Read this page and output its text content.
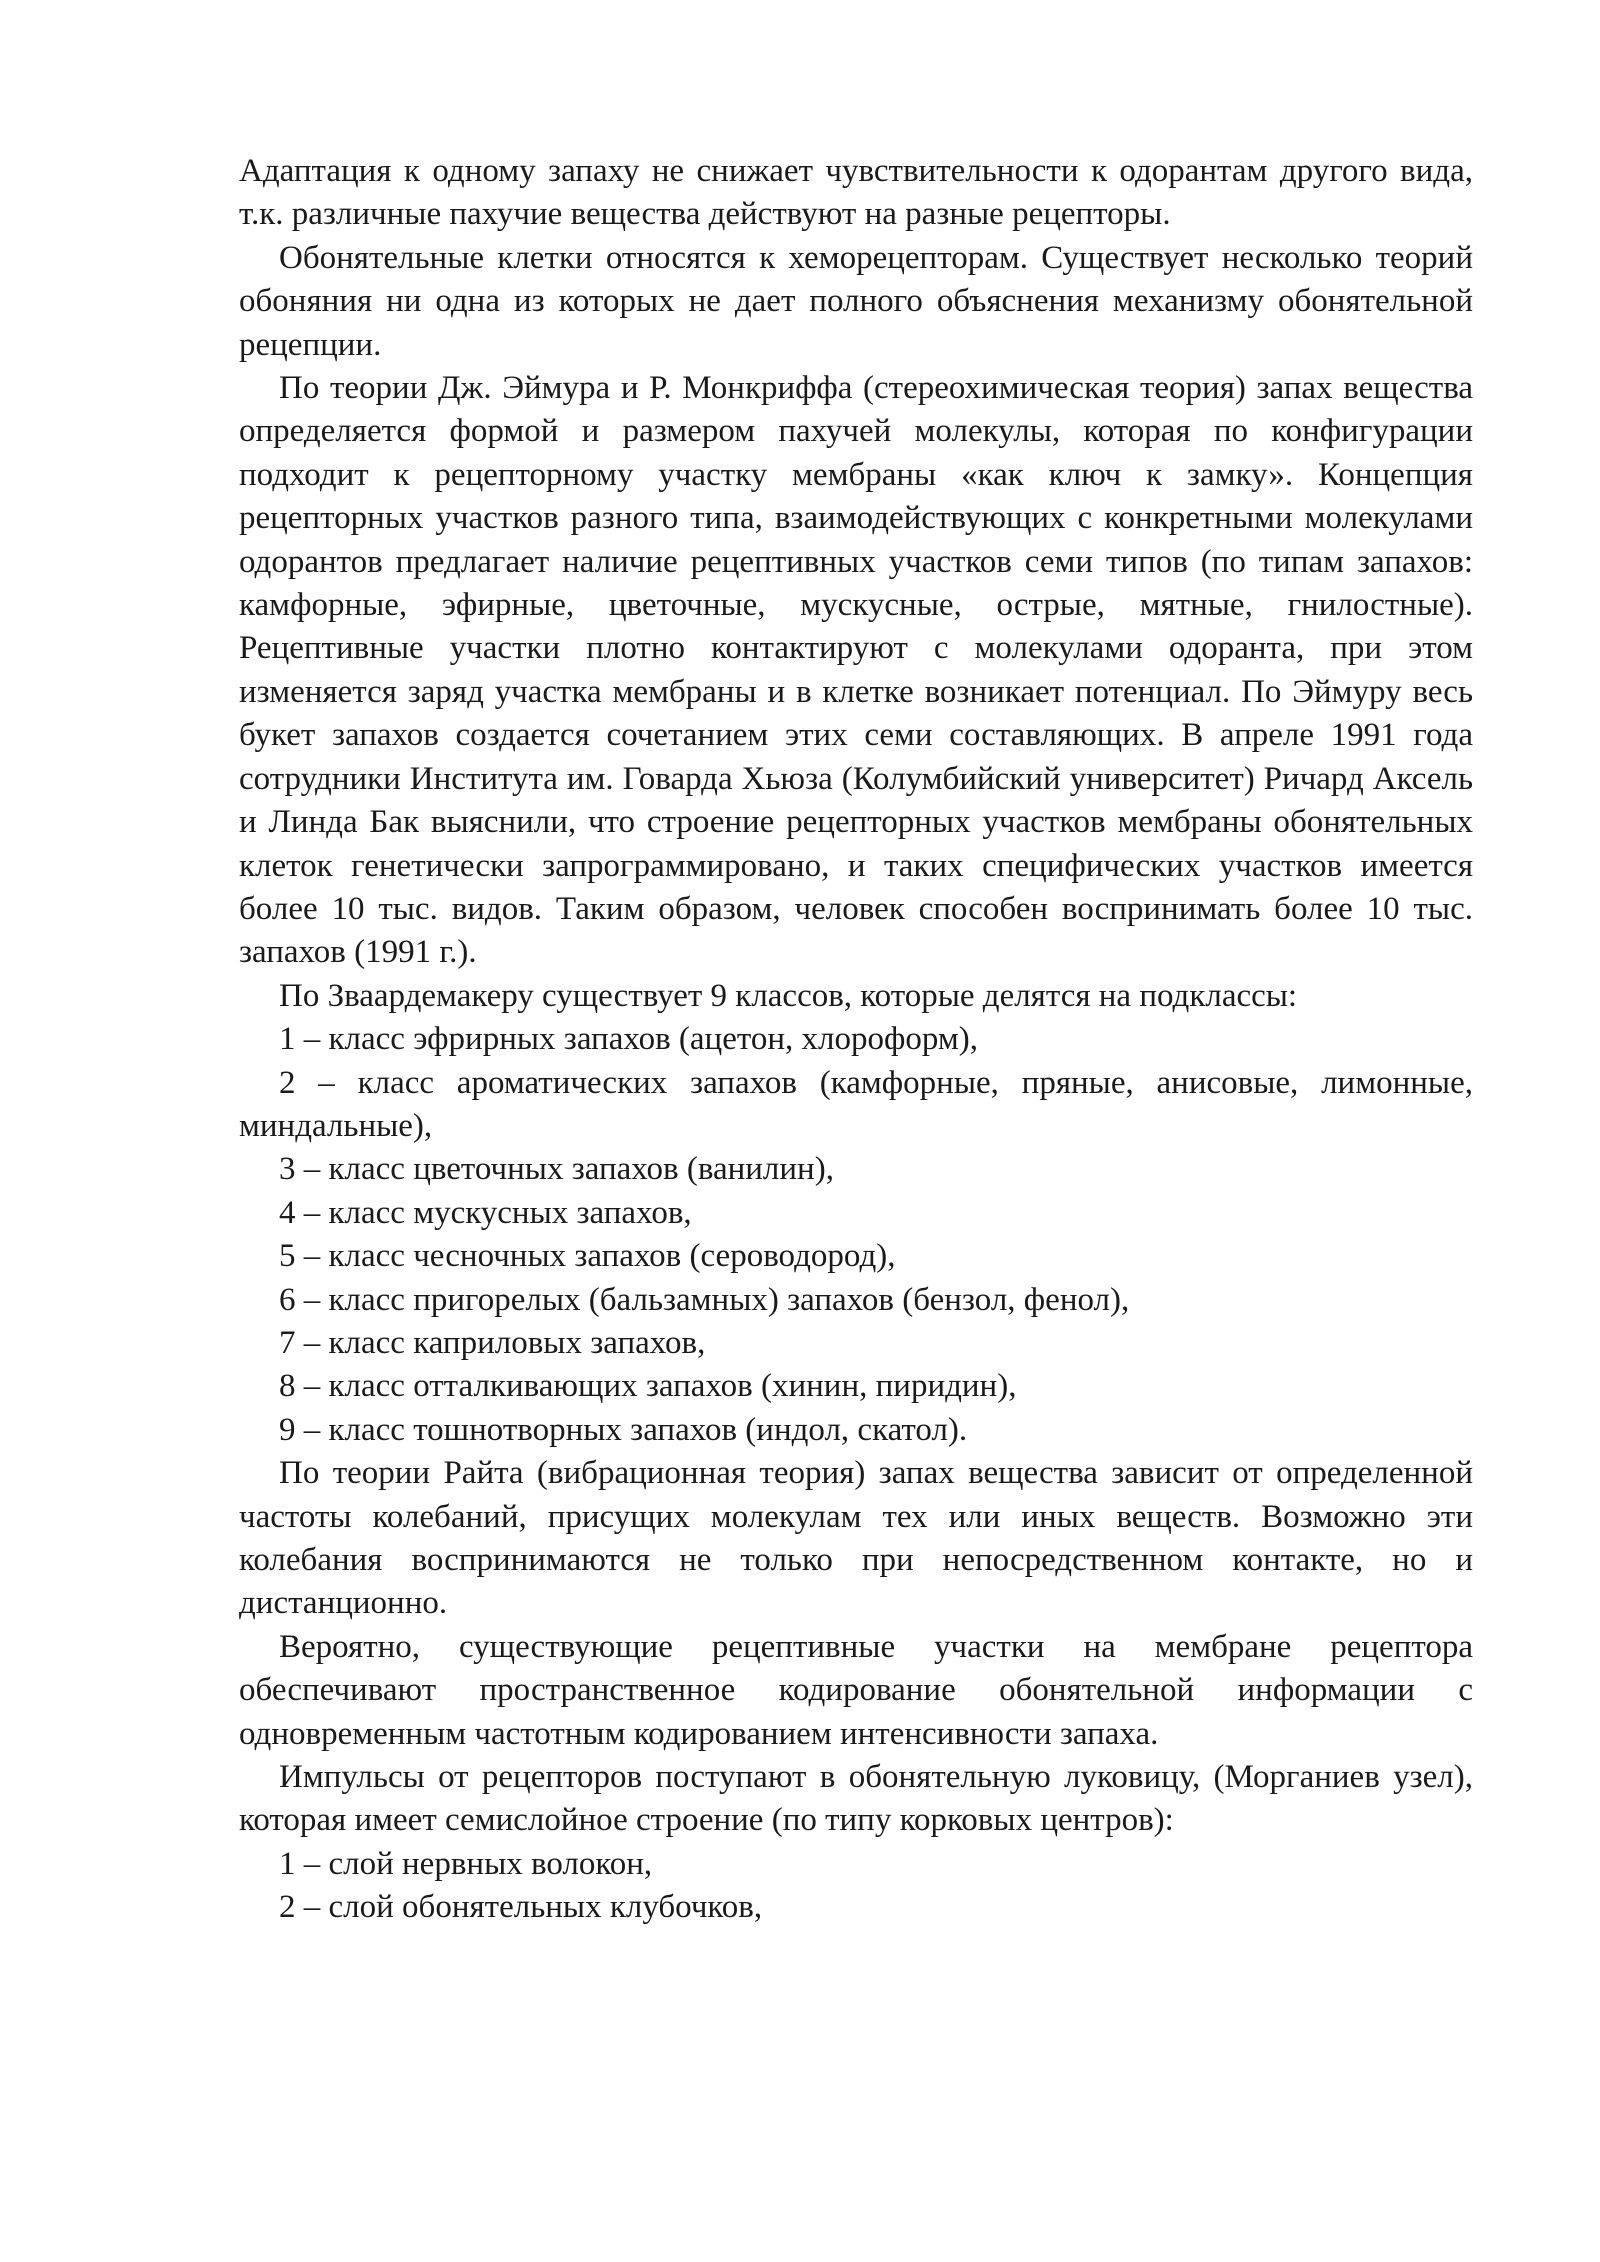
Адаптация к одному запаху не снижает чувствительности к одорантам другого вида, т.к. различные пахучие вещества действуют на разные рецепторы.

Обонятельные клетки относятся к хеморецепторам. Существует несколько теорий обоняния ни одна из которых не дает полного объяснения механизму обонятельной рецепции.

По теории Дж. Эймура и Р. Монкриффа (стереохимическая теория) запах вещества определяется формой и размером пахучей молекулы, которая по конфигурации подходит к рецепторному участку мембраны «как ключ к замку». Концепция рецепторных участков разного типа, взаимодействующих с конкретными молекулами одорантов предлагает наличие рецептивных участков семи типов (по типам запахов: камфорные, эфирные, цветочные, мускусные, острые, мятные, гнилостные). Рецептивные участки плотно контактируют с молекулами одоранта, при этом изменяется заряд участка мембраны и в клетке возникает потенциал. По Эймуру весь букет запахов создается сочетанием этих семи составляющих. В апреле 1991 года сотрудники Института им. Говарда Хьюза (Колумбийский университет) Ричард Аксель и Линда Бак выяснили, что строение рецепторных участков мембраны обонятельных клеток генетически запрограммировано, и таких специфических участков имеется более 10 тыс. видов. Таким образом, человек способен воспринимать более 10 тыс. запахов (1991 г.).

По Зваардемакеру существует 9 классов, которые делятся на подклассы:

1 – класс эфрирных запахов (ацетон, хлороформ),

2 – класс ароматических запахов (камфорные, пряные, анисовые, лимонные, миндальные),

3 – класс цветочных запахов (ванилин),

4 – класс мускусных запахов,

5 – класс чесночных запахов (сероводород),

6 – класс пригорелых (бальзамных) запахов (бензол, фенол),

7 – класс каприловых запахов,

8 – класс отталкивающих запахов (хинин, пиридин),

9 – класс тошнотворных запахов (индол, скатол).

По теории Райта (вибрационная теория) запах вещества зависит от определенной частоты колебаний, присущих молекулам тех или иных веществ. Возможно эти колебания воспринимаются не только при непосредственном контакте, но и дистанционно.

Вероятно, существующие рецептивные участки на мембране рецептора обеспечивают пространственное кодирование обонятельной информации с одновременным частотным кодированием интенсивности запаха.

Импульсы от рецепторов поступают в обонятельную луковицу, (Морганиев узел), которая имеет семислойное строение (по типу корковых центров):

1 – слой нервных волокон,

2 – слой обонятельных клубочков,
